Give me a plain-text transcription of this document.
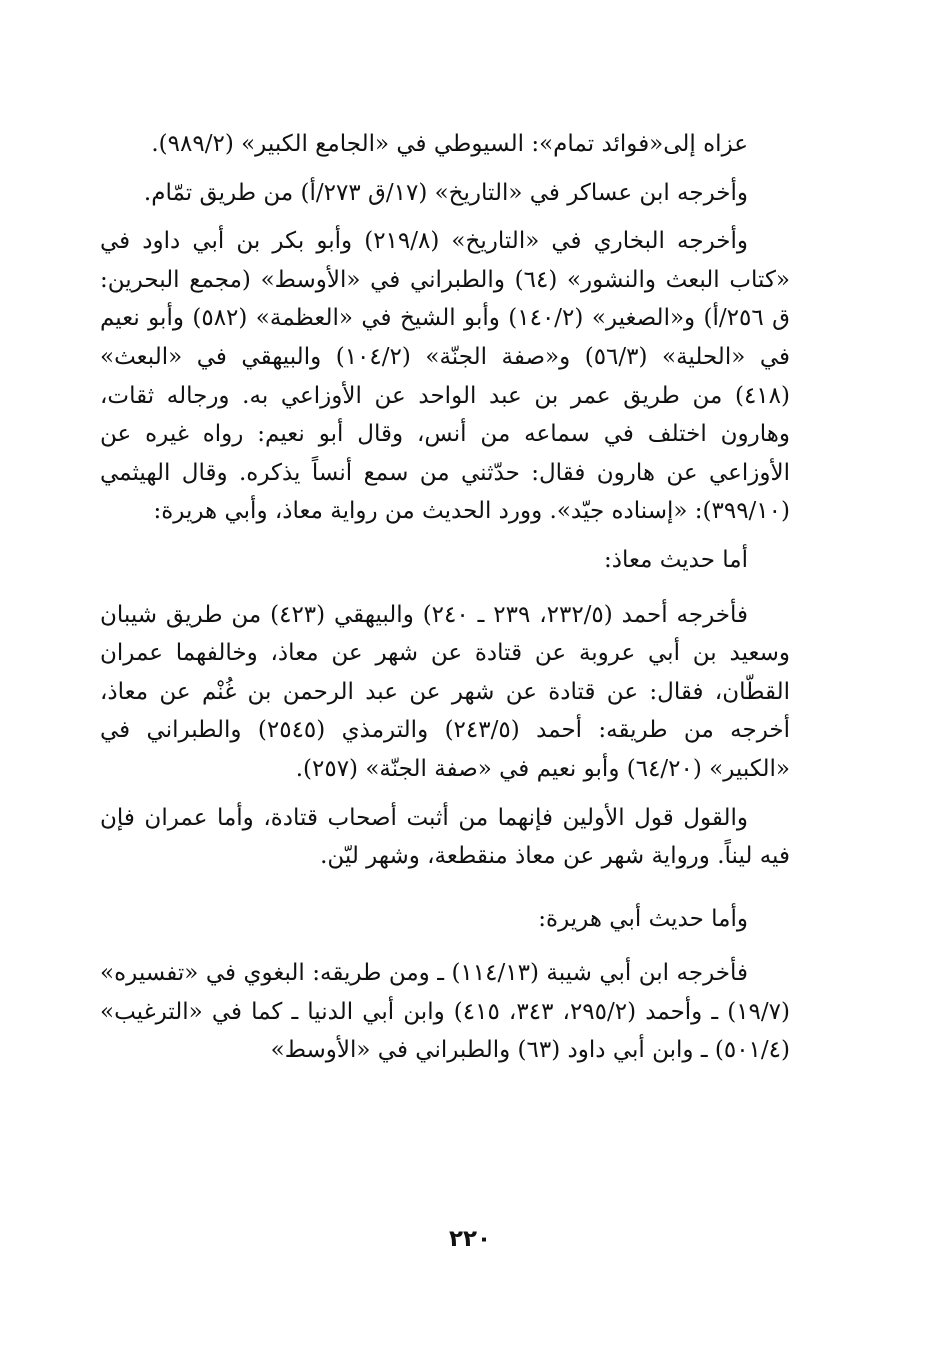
عزاه إلى«فوائد تمام»: السيوطي في «الجامع الكبير» (٩٨٩/٢).

وأخرجه ابن عساكر في «التاريخ» (١٧/ق ٢٧٣/أ) من طريق تمّام.

وأخرجه البخاري في «التاريخ» (٢١٩/٨) وأبو بكر بن أبي داود في «كتاب البعث والنشور» (٦٤) والطبراني في «الأوسط» (مجمع البحرين: ق ٢٥٦/أ) و«الصغير» (١٤٠/٢) وأبو الشيخ في «العظمة» (٥٨٢) وأبو نعيم في «الحلية» (٥٦/٣) و«صفة الجنّة» (١٠٤/٢) والبيهقي في «البعث» (٤١٨) من طريق عمر بن عبد الواحد عن الأوزاعي به. ورجاله ثقات، وهارون اختلف في سماعه من أنس، وقال أبو نعيم: رواه غيره عن الأوزاعي عن هارون فقال: حدّثني من سمع أنساً يذكره. وقال الهيثمي (٣٩٩/١٠): «إسناده جيّد». وورد الحديث من رواية معاذ، وأبي هريرة:

أما حديث معاذ:

فأخرجه أحمد (٢٣٢/٥، ٢٣٩ ـ ٢٤٠) والبيهقي (٤٢٣) من طريق شيبان وسعيد بن أبي عروبة عن قتادة عن شهر عن معاذ، وخالفهما عمران القطّان، فقال: عن قتادة عن شهر عن عبد الرحمن بن غُنْم عن معاذ، أخرجه من طريقه: أحمد (٢٤٣/٥) والترمذي (٢٥٤٥) والطبراني في «الكبير» (٦٤/٢٠) وأبو نعيم في «صفة الجنّة» (٢٥٧).

والقول قول الأولين فإنهما من أثبت أصحاب قتادة، وأما عمران فإن فيه ليناً. ورواية شهر عن معاذ منقطعة، وشهر ليّن.

وأما حديث أبي هريرة:

فأخرجه ابن أبي شيبة (١١٤/١٣) ـ ومن طريقه: البغوي في «تفسيره» (١٩/٧) ـ وأحمد (٢٩٥/٢، ٣٤٣، ٤١٥) وابن أبي الدنيا ـ كما في «الترغيب» (٥٠١/٤) ـ وابن أبي داود (٦٣) والطبراني في «الأوسط»

٢٢٠
